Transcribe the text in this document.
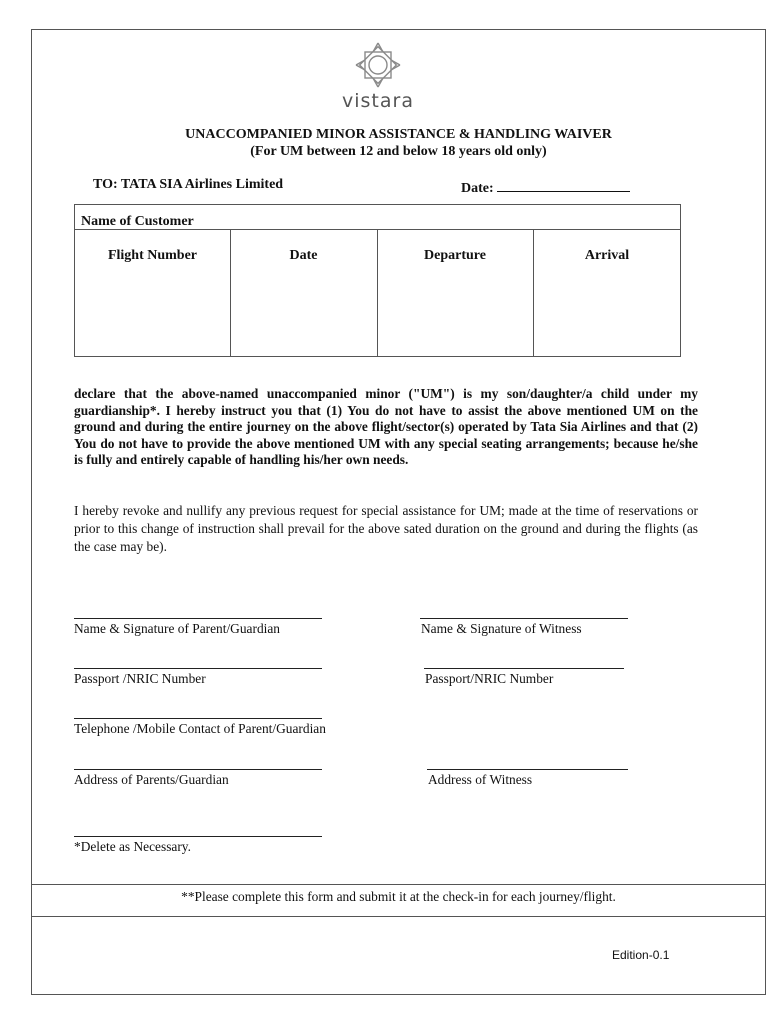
vistara
UNACCOMPANIED MINOR ASSISTANCE & HANDLING WAIVER
(For UM between 12 and below 18 years old only)
TO: TATA SIA Airlines Limited	Date:
Name of Customer
Flight Number	Date	Departure	Arrival
declare that the above-named unaccompanied minor ("UM") is my son/daughter/a child under my guardianship*. I hereby instruct you that (1) You do not have to assist the above mentioned UM on the ground and during the entire journey on the above flight/sector(s) operated by Tata Sia Airlines and that (2) You do not have to provide the above mentioned UM with any special seating arrangements; because he/she is fully and entirely capable of handling his/her own needs.
I hereby revoke and nullify any previous request for special assistance for UM; made at the time of reservations or prior to this change of instruction shall prevail for the above sated duration on the ground and during the flights (as the case may be).
Name & Signature of Parent/Guardian	Name & Signature of Witness
Passport /NRIC Number	Passport/NRIC Number
Telephone /Mobile Contact of Parent/Guardian
Address of Parents/Guardian	Address of Witness
*Delete as Necessary.
**Please complete this form and submit it at the check-in for each journey/flight.
Edition-0.1
